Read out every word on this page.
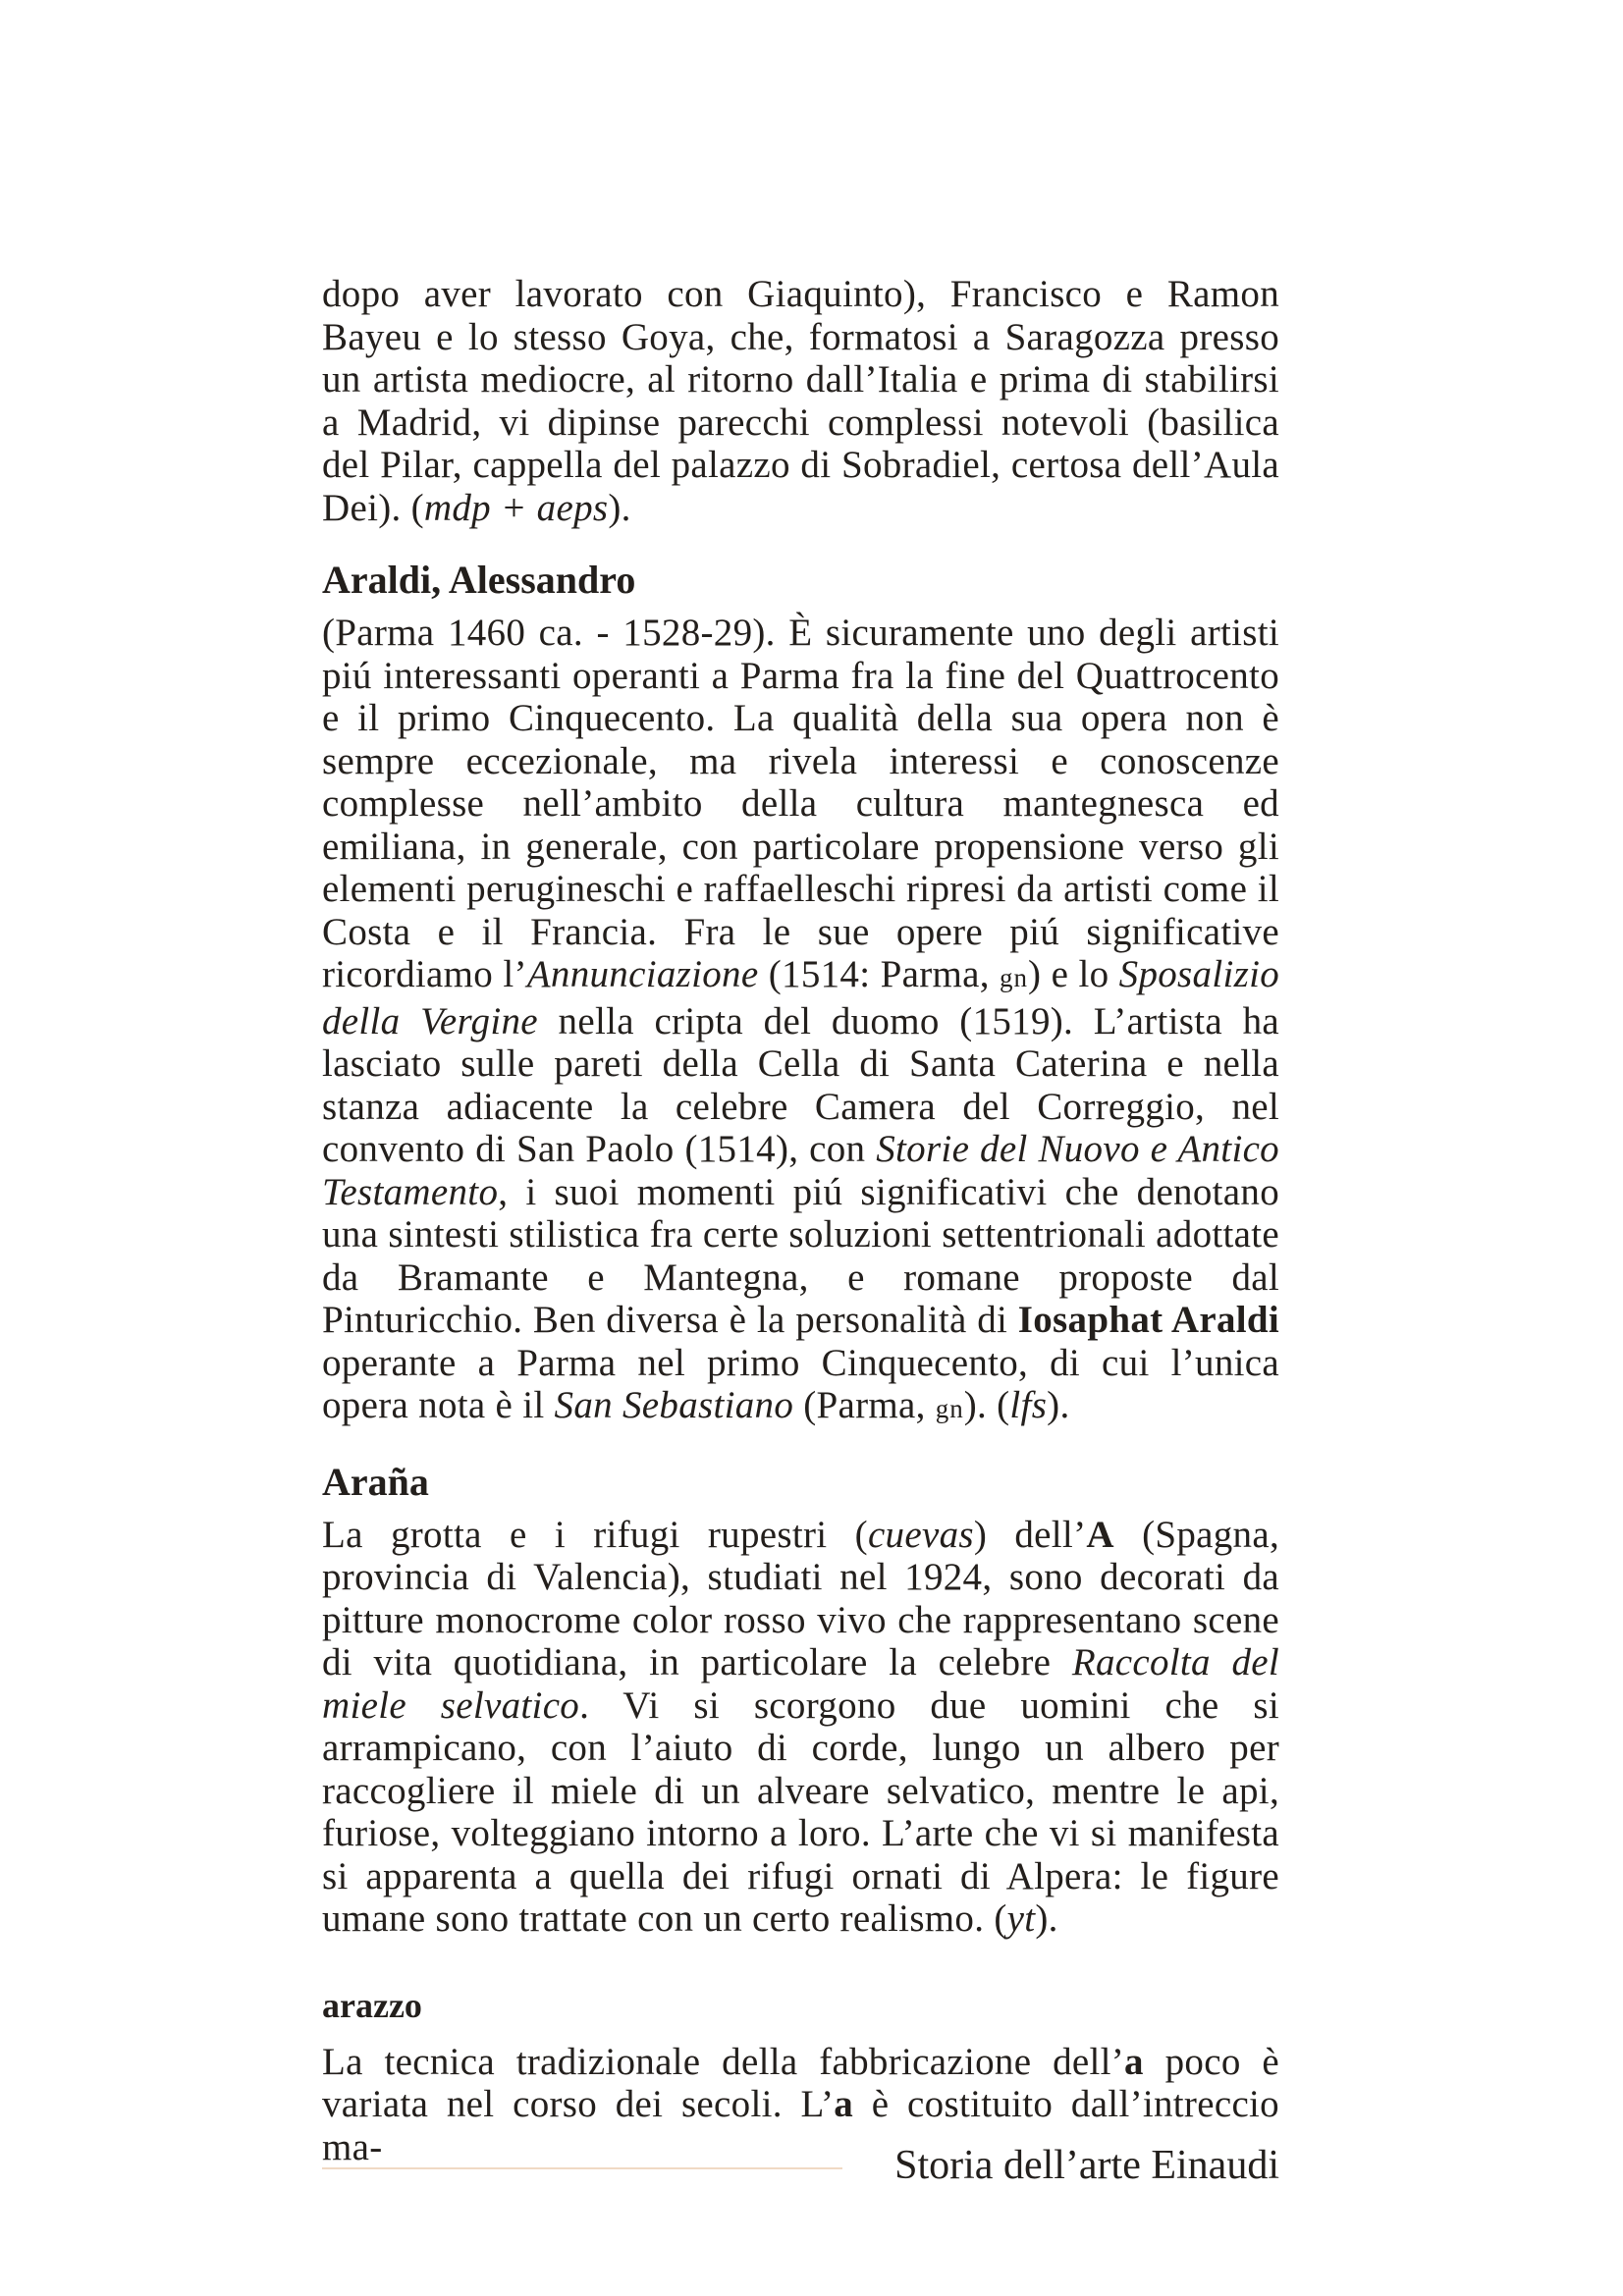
dopo aver lavorato con Giaquinto), Francisco e Ramon Bayeu e lo stesso Goya, che, formatosi a Saragozza presso un artista mediocre, al ritorno dall’Italia e prima di stabilirsi a Madrid, vi dipinse parecchi complessi notevoli (basilica del Pilar, cappella del palazzo di Sobradiel, certosa dell’Aula Dei). (mdp + aeps).

Araldi, Alessandro

(Parma 1460 ca. - 1528-29). È sicuramente uno degli artisti piú interessanti operanti a Parma fra la fine del Quattrocento e il primo Cinquecento. La qualità della sua opera non è sempre eccezionale, ma rivela interessi e conoscenze complesse nell’ambito della cultura mantegnesca ed emiliana, in generale, con particolare propensione verso gli elementi perugineschi e raffaelleschi ripresi da artisti come il Costa e il Francia. Fra le sue opere piú significative ricordiamo l’Annunciazione (1514: Parma, gn) e lo Sposalizio della Vergine nella cripta del duomo (1519). L’artista ha lasciato sulle pareti della Cella di Santa Caterina e nella stanza adiacente la celebre Camera del Correggio, nel convento di San Paolo (1514), con Storie del Nuovo e Antico Testamento, i suoi momenti piú significativi che denotano una sintesti stilistica fra certe soluzioni settentrionali adottate da Bramante e Mantegna, e romane proposte dal Pinturicchio. Ben diversa è la personalità di Iosaphat Araldi operante a Parma nel primo Cinquecento, di cui l’unica opera nota è il San Sebastiano (Parma, gn). (lfs).

Araña

La grotta e i rifugi rupestri (cuevas) dell’A (Spagna, provincia di Valencia), studiati nel 1924, sono decorati da pitture monocrome color rosso vivo che rappresentano scene di vita quotidiana, in particolare la celebre Raccolta del miele selvatico. Vi si scorgono due uomini che si arrampicano, con l’aiuto di corde, lungo un albero per raccogliere il miele di un alveare selvatico, mentre le api, furiose, volteggiano intorno a loro. L’arte che vi si manifesta si apparenta a quella dei rifugi ornati di Alpera: le figure umane sono trattate con un certo realismo. (yt).

arazzo

La tecnica tradizionale della fabbricazione dell’a poco è variata nel corso dei secoli. L’a è costituito dall’intreccio ma-	Storia dell’arte Einaudi
